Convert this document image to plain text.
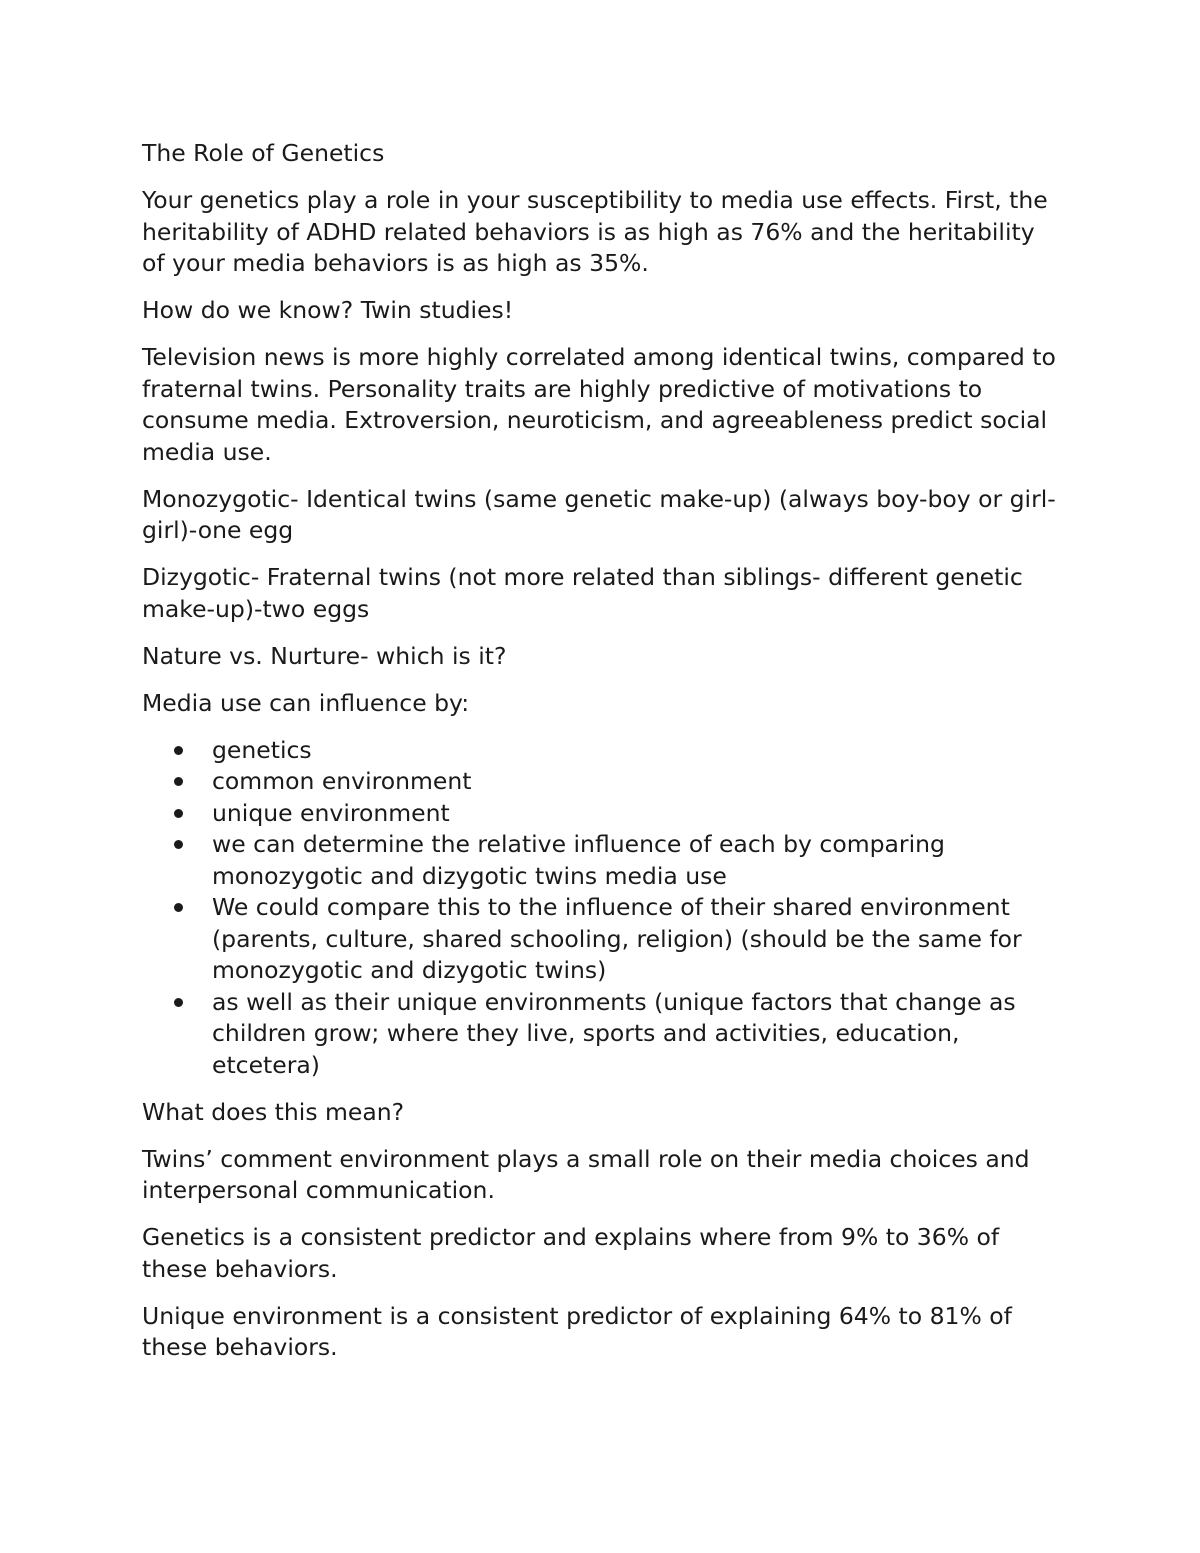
The Role of Genetics

Your genetics play a role in your susceptibility to media use effects. First, the heritability of ADHD related behaviors is as high as 76% and the heritability of your media behaviors is as high as 35%.

How do we know? Twin studies!

Television news is more highly correlated among identical twins, compared to fraternal twins. Personality traits are highly predictive of motivations to consume media. Extroversion, neuroticism, and agreeableness predict social media use.

Monozygotic- Identical twins (same genetic make-up) (always boy-boy or girl-girl)-one egg

Dizygotic- Fraternal twins (not more related than siblings- different genetic make-up)-two eggs

Nature vs. Nurture- which is it?

Media use can influence by:

genetics
common environment
unique environment
we can determine the relative influence of each by comparing monozygotic and dizygotic twins media use
We could compare this to the influence of their shared environment (parents, culture, shared schooling, religion) (should be the same for monozygotic and dizygotic twins)
as well as their unique environments (unique factors that change as children grow; where they live, sports and activities, education, etcetera)

What does this mean?

Twins’ comment environment plays a small role on their media choices and interpersonal communication.

Genetics is a consistent predictor and explains where from 9% to 36% of these behaviors.

Unique environment is a consistent predictor of explaining 64% to 81% of these behaviors.
